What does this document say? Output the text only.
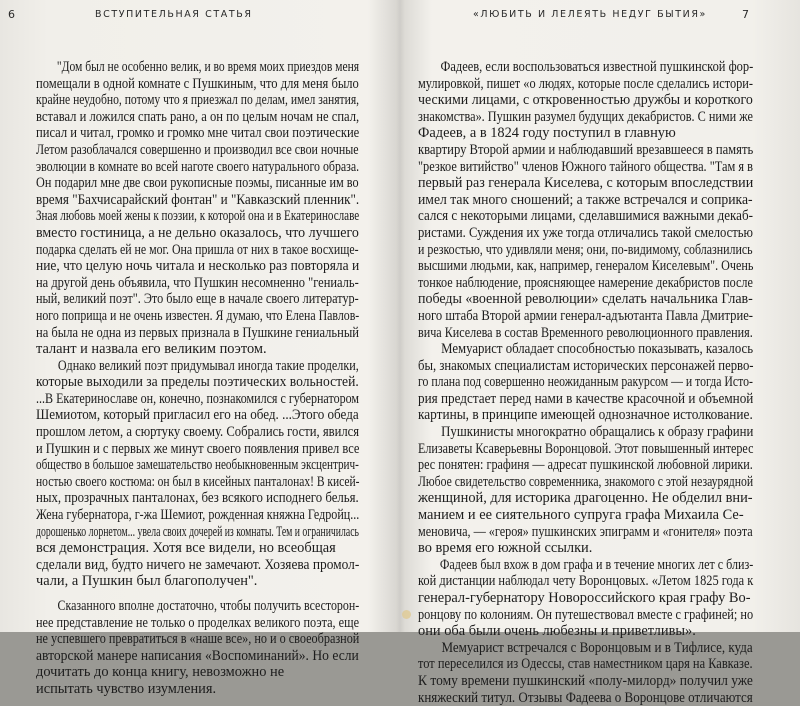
6	ВСТУПИТЕЛЬНАЯ СТАТЬЯ
"Дом был не особенно велик, и во время моих приездов меня
помещали в одной комнате с Пушкиным, что для меня было
крайне неудобно, потому что я приезжал по делам, имел занятия,
вставал и ложился спать рано, а он по целым ночам не спал,
писал и читал, громко и громко мне читал свои поэтические
Летом разоблачался совершенно и производил все свои ночные
эволюции в комнате во всей наготе своего натурального образа.
Он подарил мне две свои рукописные поэмы, писанные им во
время "Бахчисарайский фонтан" и "Кавказский пленник".
Зная любовь моей жены к поэзии, к которой она и в Екатеринославе
вместо гостиница, а не дельно оказалось, что лучшего
подарка сделать ей не мог. Она пришла от них в такое восхище-
ние, что целую ночь читала и несколько раз повторяла и
на другой день объявила, что Пушкин несомненно "гениаль-
ный, великий поэт". Это было еще в начале своего литератур-
ного поприща и не очень известен. Я думаю, что Елена Павлов-
на была не одна из первых признала в Пушкине гениальный
талант и назвала его великим поэтом.
Однако великий поэт придумывал иногда такие проделки,
которые выходили за пределы поэтических вольностей.
...В Екатеринославе он, конечно, познакомился с губернатором
Шемиотом, который пригласил его на обед. ...Этого обеда
прошлом летом, а сюртуку своему. Собрались гости, явился
и Пушкин и с первых же минут своего появления привел все
общество в большое замешательство необыкновенным эксцентрич-
ностью своего костюма: он был в кисейных панталонах! В кисей-
ных, прозрачных панталонах, без всякого исподнего белья.
Жена губернатора, г-жа Шемиот, рожденная княжна Гедройц...
дорошенько лорнетом... увела своих дочерей из комнаты. Тем и ограничилась
вся демонстрация. Хотя все видели, но всеобщая
сделали вид, будто ничего не замечают. Хозяева промол-
чали, а Пушкин был благополучен".
Сказанного вполне достаточно, чтобы получить всесторон-
нее представление не только о проделках великого поэта, еще
не успевшего превратиться в «наше все», но и о своеобразной
авторской манере написания «Воспоминаний». Но если
дочитать до конца книгу, невозможно не
испытать чувство изумления.
«ЛЮБИТЬ И ЛЕЛЕЯТЬ НЕДУГ БЫТИЯ»	7
Фадеев, если воспользоваться известной пушкинской фор-
мулировкой, пишет «о людях, которые после сделались истори-
ческими лицами, с откровенностью дружбы и короткого
знакомства». Пушкин разумел будущих декабристов. С ними же
Фадеев, а в 1824 году поступил в главную
квартиру Второй армии и наблюдавший врезавшееся в память
"резкое витийство" членов Южного тайного общества. "Там я в
первый раз генерала Киселева, с которым впоследствии
имел так много сношений; а также встречался и соприка-
сался с некоторыми лицами, сделавшимися важными декаб-
ристами. Суждения их уже тогда отличались такой смелостью
и резкостью, что удивляли меня; они, по-видимому, соблазнились
высшими людьми, как, например, генералом Киселевым". Очень
тонкое наблюдение, проясняющее намерение декабристов после
победы «военной революции» сделать начальника Глав-
ного штаба Второй армии генерал-адъютанта Павла Дмитрие-
вича Киселева в состав Временного революционного правления.
Мемуарист обладает способностью показывать, казалось
бы, знакомых специалистам исторических персонажей перво-
го плана под совершенно неожиданным ракурсом — и тогда Исто-
рия предстает перед нами в качестве красочной и объемной
картины, в принципе имеющей однозначное истолкование.
Пушкинисты многократно обращались к образу графини
Елизаветы Ксаверьевны Воронцовой. Этот повышенный интерес
рес понятен: графиня — адресат пушкинской любовной лирики.
Любое свидетельство современника, знакомого с этой незаурядной
женщиной, для историка драгоценно. Не обделил вни-
манием и ее сиятельного супруга графа Михаила Се-
меновича, — «героя» пушкинских эпиграмм и «гонителя» поэта
во время его южной ссылки.
Фадеев был вхож в дом графа и в течение многих лет с близ-
кой дистанции наблюдал чету Воронцовых. «Летом 1825 года к
генерал-губернатору Новороссийского края графу Во-
ронцову по колониям. Он путешествовал вместе с графиней; но
они оба были очень любезны и приветливы».
Мемуарист встречался с Воронцовым и в Тифлисе, куда
тот переселился из Одессы, став наместником царя на Кавказе.
К тому времени пушкинский «полу-милорд» получил уже
княжеский титул. Отзывы Фадеева о Воронцове отличаются
